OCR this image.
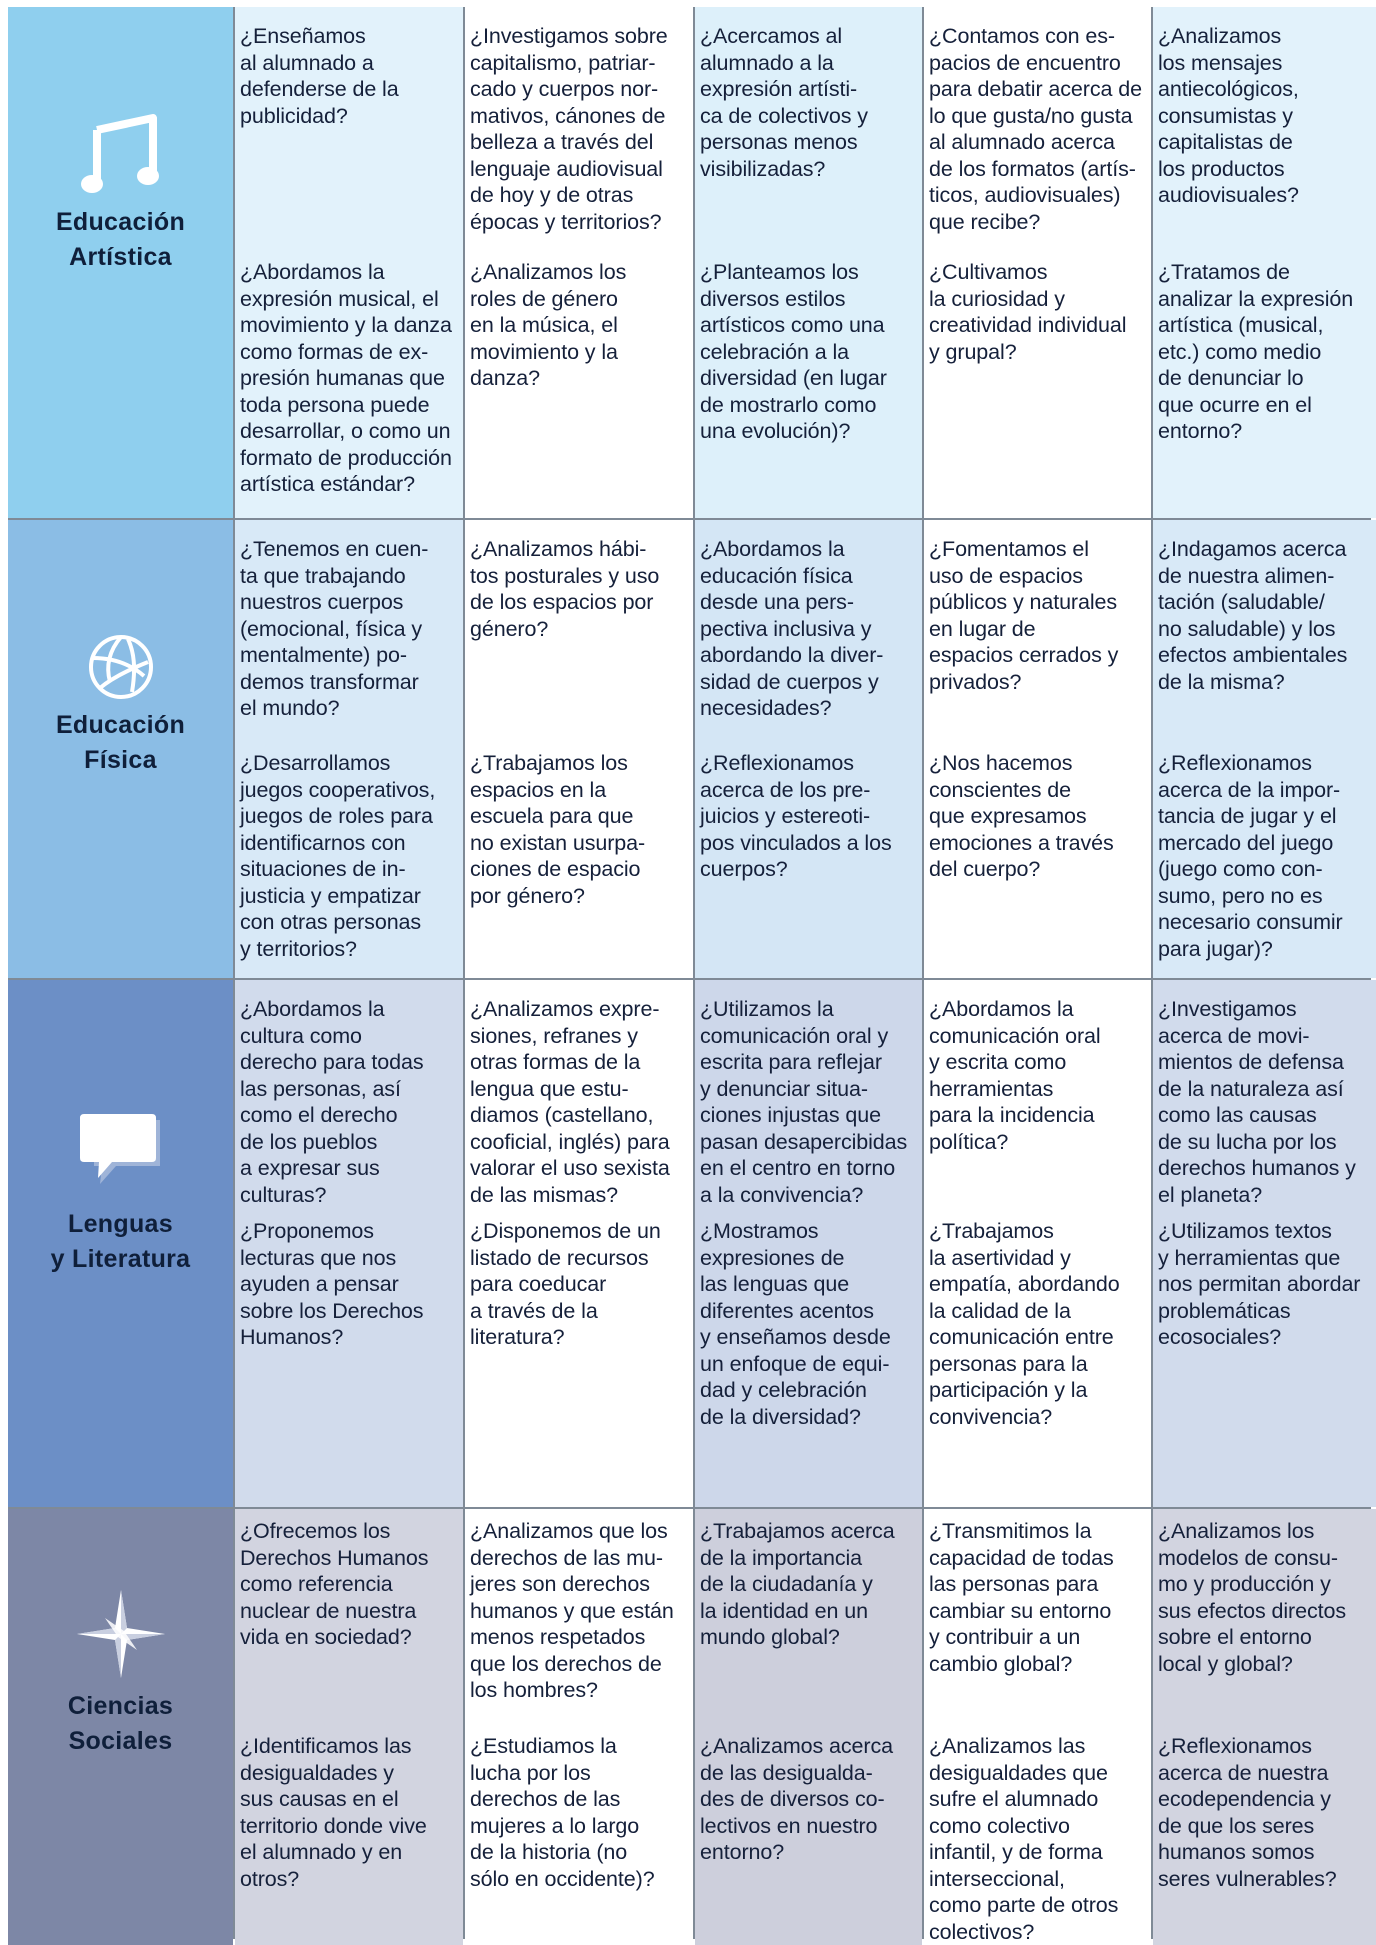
Educación
Artística
¿Enseñamos
al alumnado a
defenderse de la
publicidad?
¿Abordamos la
expresión musical, el
movimiento y la danza
como formas de ex-
presión humanas que
toda persona puede
desarrollar, o como un
formato de producción
artística estándar?
¿Investigamos sobre
capitalismo, patriar-
cado y cuerpos nor-
mativos, cánones de
belleza a través del
lenguaje audiovisual
de hoy y de otras
épocas y territorios?
¿Analizamos los
roles de género
en la música, el
movimiento y la
danza?
¿Acercamos al
alumnado a la
expresión artísti-
ca de colectivos y
personas menos
visibilizadas?
¿Planteamos los
diversos estilos
artísticos como una
celebración a la
diversidad (en lugar
de mostrarlo como
una evolución)?
¿Contamos con es-
pacios de encuentro
para debatir acerca de
lo que gusta/no gusta
al alumnado acerca
de los formatos (artís-
ticos, audiovisuales)
que recibe?
¿Cultivamos
la curiosidad y
creatividad individual
y grupal?
¿Analizamos
los mensajes
antiecológicos,
consumistas y
capitalistas de
los productos
audiovisuales?
¿Tratamos de
analizar la expresión
artística (musical,
etc.) como medio
de denunciar lo
que ocurre en el
entorno?
Educación
Física
¿Tenemos en cuen-
ta que trabajando
nuestros cuerpos
(emocional, física y
mentalmente) po-
demos transformar
el mundo?
¿Desarrollamos
juegos cooperativos,
juegos de roles para
identificarnos con
situaciones de in-
justicia y empatizar
con otras personas
y territorios?
¿Analizamos hábi-
tos posturales y uso
de los espacios por
género?
¿Trabajamos los
espacios en la
escuela para que
no existan usurpa-
ciones de espacio
por género?
¿Abordamos la
educación física
desde una pers-
pectiva inclusiva y
abordando la diver-
sidad de cuerpos y
necesidades?
¿Reflexionamos
acerca de los pre-
juicios y estereoti-
pos vinculados a los
cuerpos?
¿Fomentamos el
uso de espacios
públicos y naturales
en lugar de
espacios cerrados y
privados?
¿Nos hacemos
conscientes de
que expresamos
emociones a través
del cuerpo?
¿Indagamos acerca
de nuestra alimen-
tación (saludable/
no saludable) y los
efectos ambientales
de la misma?
¿Reflexionamos
acerca de la impor-
tancia de jugar y el
mercado del juego
(juego como con-
sumo, pero no es
necesario consumir
para jugar)?
Lenguas
y Literatura
¿Abordamos la
cultura como
derecho para todas
las personas, así
como el derecho
de los pueblos
a expresar sus
culturas?
¿Proponemos
lecturas que nos
ayuden a pensar
sobre los Derechos
Humanos?
¿Analizamos expre-
siones, refranes y
otras formas de la
lengua que estu-
diamos (castellano,
cooficial, inglés) para
valorar el uso sexista
de las mismas?
¿Disponemos de un
listado de recursos
para coeducar
a través de la
literatura?
¿Utilizamos la
comunicación oral y
escrita para reflejar
y denunciar situa-
ciones injustas que
pasan desapercibidas
en el centro en torno
a la convivencia?
¿Mostramos
expresiones de
las lenguas que
diferentes acentos
y enseñamos desde
un enfoque de equi-
dad y celebración
de la diversidad?
¿Abordamos la
comunicación oral
y escrita como
herramientas
para la incidencia
política?
¿Trabajamos
la asertividad y
empatía, abordando
la calidad de la
comunicación entre
personas para la
participación y la
convivencia?
¿Investigamos
acerca de movi-
mientos de defensa
de la naturaleza así
como las causas
de su lucha por los
derechos humanos y
el planeta?
¿Utilizamos textos
y herramientas que
nos permitan abordar
problemáticas
ecosociales?
Ciencias
Sociales
¿Ofrecemos los
Derechos Humanos
como referencia
nuclear de nuestra
vida en sociedad?
¿Identificamos las
desigualdades y
sus causas en el
territorio donde vive
el alumnado y en
otros?
¿Analizamos que los
derechos de las mu-
jeres son derechos
humanos y que están
menos respetados
que los derechos de
los hombres?
¿Estudiamos la
lucha por los
derechos de las
mujeres a lo largo
de la historia (no
sólo en occidente)?
¿Trabajamos acerca
de la importancia
de la ciudadanía y
la identidad en un
mundo global?
¿Analizamos acerca
de las desigualda-
des de diversos co-
lectivos en nuestro
entorno?
¿Transmitimos la
capacidad de todas
las personas para
cambiar su entorno
y contribuir a un
cambio global?
¿Analizamos las
desigualdades que
sufre el alumnado
como colectivo
infantil, y de forma
interseccional,
como parte de otros
colectivos?
¿Analizamos los
modelos de consu-
mo y producción y
sus efectos directos
sobre el entorno
local y global?
¿Reflexionamos
acerca de nuestra
ecodependencia y
de que los seres
humanos somos
seres vulnerables?
